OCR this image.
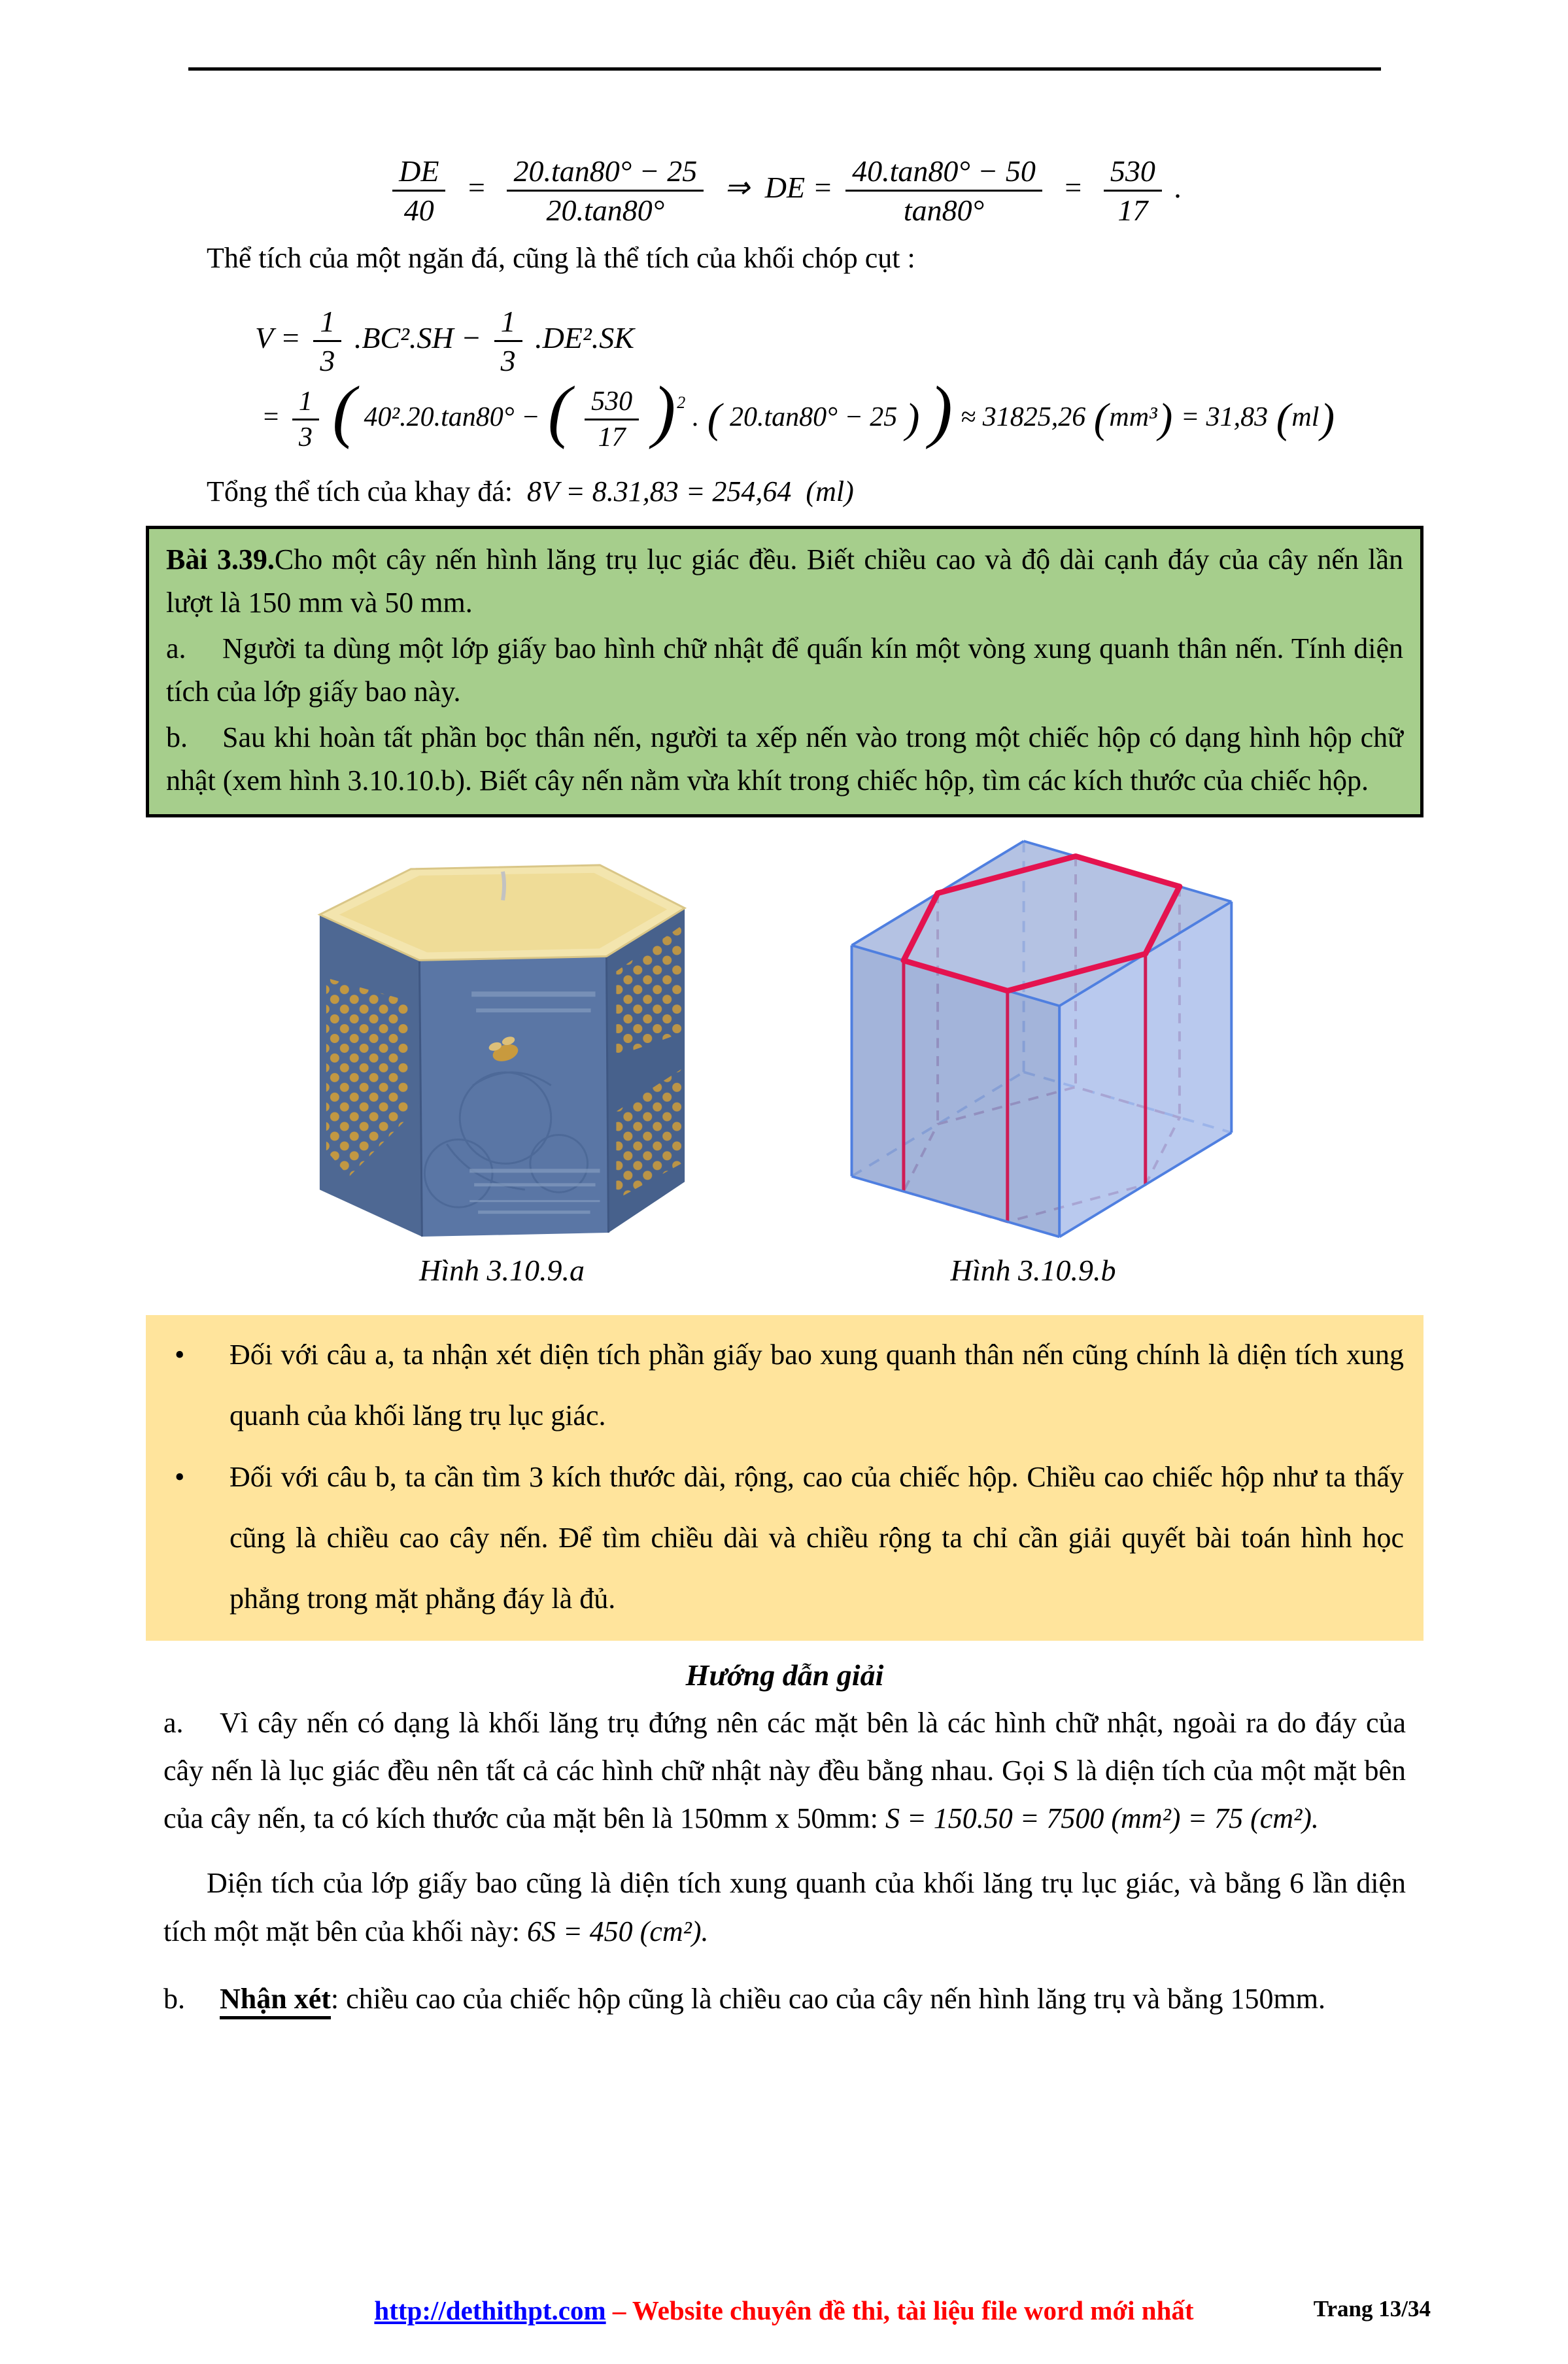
$\frac{DE}{40} = \frac{20.\tan 80^\circ - 25}{20.\tan 80^\circ}$ ⇒ DE = $\frac{40.\tan 80^\circ - 50}{\tan 80^\circ} = \frac{530}{17}$ .

Thể tích của một ngăn đá, cũng là thể tích của khối chóp cụt :

$V = \frac{1}{3} .BC^2.SH - \frac{1}{3} .DE^2.SK$
= $\frac{1}{3}$ ( 40².20.tan80° − ( $\frac{530}{17} )^2$ . ( 20.tan80° − 25 ) ) ≈ 31825,26 (mm³) = 31,83 (ml)

Tổng thể tích của khay đá: 8V = 8.31,83 = 254,64 (ml)

Bài 3.39.Cho một cây nến hình lăng trụ lục giác đều. Biết chiều cao và độ dài cạnh đáy của cây nến lần lượt là 150 mm và 50 mm.

a. Người ta dùng một lớp giấy bao hình chữ nhật để quấn kín một vòng xung quanh thân nến. Tính diện tích của lớp giấy bao này.

b. Sau khi hoàn tất phần bọc thân nến, người ta xếp nến vào trong một chiếc hộp có dạng hình hộp chữ nhật (xem hình 3.10.10.b). Biết cây nến nằm vừa khít trong chiếc hộp, tìm các kích thước của chiếc hộp.

Hình 3.10.9.a	Hình 3.10.9.b
•	Đối với câu a, ta nhận xét diện tích phần giấy bao xung quanh thân nến cũng chính là diện tích xung quanh của khối lăng trụ lục giác.
•	Đối với câu b, ta cần tìm 3 kích thước dài, rộng, cao của chiếc hộp. Chiều cao chiếc hộp như ta thấy cũng là chiều cao cây nến. Để tìm chiều dài và chiều rộng ta chỉ cần giải quyết bài toán hình học phẳng trong mặt phẳng đáy là đủ.

Hướng dẫn giải

a. Vì cây nến có dạng là khối lăng trụ đứng nên các mặt bên là các hình chữ nhật, ngoài ra do đáy của cây nến là lục giác đều nên tất cả các hình chữ nhật này đều bằng nhau. Gọi S là diện tích của một mặt bên của cây nến, ta có kích thước của mặt bên là 150mm x 50mm: S = 150.50 = 7500 (mm²) = 75 (cm²).

Diện tích của lớp giấy bao cũng là diện tích xung quanh của khối lăng trụ lục giác, và bằng 6 lần diện tích một mặt bên của khối này: 6S = 450 (cm²).

b. Nhận xét: chiều cao của chiếc hộp cũng là chiều cao của cây nến hình lăng trụ và bằng 150mm.

http://dethithpt.com – Website chuyên đề thi, tài liệu file word mới nhất	Trang 13/34
